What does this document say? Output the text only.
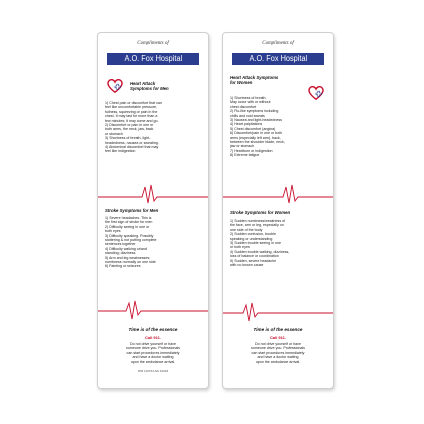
Compliments of
A.O. Fox Hospital
Heart Attack
Symptoms for Men
1) Chest pain or discomfort that can
feel like uncomfortable pressure,
fullness, squeezing or pain in the
chest. It may last for more than a
few minutes; it may come and go.
2) Discomfort or pain in one or
both arms, the neck, jaw, back
or stomach
3) Shortness of breath, light-
headedness, nausea or sweating.
4) Abdominal discomfort that may
feel like indigestion
Stroke Symptoms for Men
1) Severe headaches. This is
the first sign of stroke for men
2) Difficulty seeing in one or
both eyes
3) Difficulty speaking. Possibly
stuttering & not putting complete
sentences together
4) Difficulty walking or/and
standing; dizziness
5) Arm and leg weaknesses;
numbness normally on one side
6) Fainting or seizures
Time is of the essence
Call 911.
Do not drive yourself or have
someone drive you. Professionals
can start procedures immediately
and have a doctor waiting
upon the ambulance arrival.
IPM 110764 A0I 42093
Compliments of
A.O. Fox Hospital
Heart Attack Symptoms
for Women
1) Shortness of breath.
May occur with or without
chest discomfort
2) Flu-like symptoms including
chills and cold sweats
3) Nausea and light-headedness
4) Heart palpitations
5) Chest discomfort (angina)
6) Discomfort/pain in one or both
arms (especially left arm), back,
between the shoulder blade, neck,
jaw or stomach
7) Heartburn or indigestion
8) Extreme fatigue
Stroke Symptoms for Women
1) Sudden numbness/weakness of
the face, arm or leg, especially on
one side of the body
2) Sudden confusion, trouble
speaking or understanding
3) Sudden trouble seeing in one
or both eyes
4) Sudden trouble walking, dizziness,
loss of balance or coordination
5) Sudden, severe headache
with no known cause
Time is of the essence
Call 911.
Do not drive yourself or have
someone drive you. Professionals
can start procedures immediately
and have a doctor waiting
upon the ambulance arrival.
